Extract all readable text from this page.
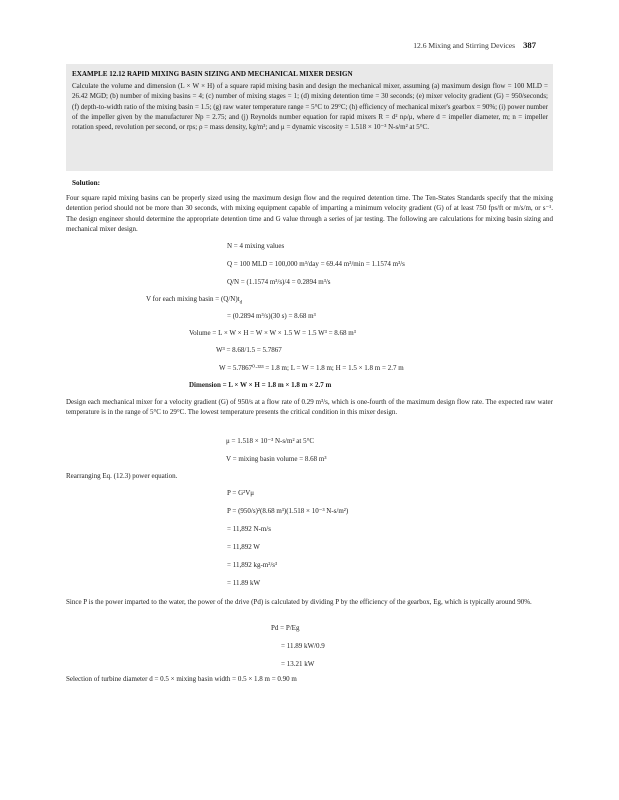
12.6 Mixing and Stirring Devices 387
EXAMPLE 12.12 RAPID MIXING BASIN SIZING AND MECHANICAL MIXER DESIGN
Calculate the volume and dimension (L × W × H) of a square rapid mixing basin and design the mechanical mixer, assuming (a) maximum design flow = 100 MLD = 26.42 MGD; (b) number of mixing basins = 4; (c) number of mixing stages = 1; (d) mixing detention time = 30 seconds; (e) mixer velocity gradient (G) = 950/seconds; (f) depth-to-width ratio of the mixing basin = 1.5; (g) raw water temperature range = 5°C to 29°C; (h) efficiency of mechanical mixer's gearbox = 90%; (i) power number of the impeller given by the manufacturer Np = 2.75; and (j) Reynolds number equation for rapid mixers R = d² nρ/μ, where d = impeller diameter, m; n = impeller rotation speed, revolution per second, or rps; ρ = mass density, kg/m³; and μ = dynamic viscosity = 1.518 × 10⁻³ N-s/m² at 5°C.
Solution:
Four square rapid mixing basins can be properly sized using the maximum design flow and the required detention time. The Ten-States Standards specify that the mixing detention period should not be more than 30 seconds, with mixing equipment capable of imparting a minimum velocity gradient (G) of at least 750 fps/ft or m/s/m, or s⁻¹. The design engineer should determine the appropriate detention time and G value through a series of jar testing. The following are calculations for mixing basin sizing and mechanical mixer design.
N = 4 mixing values
Q = 100 MLD = 100,000 m³/day = 69.44 m³/min = 1.1574 m³/s
Q/N = (1.1574 m³/s)/4 = 0.2894 m³/s
V for each mixing $basin = (Q/N)t_d$
= (0.2894 m³/s)(30 s) = 8.68 m³
Volume = L × W × H = W × W × 1.5 W = 1.5 W³ = 8.68 m³
W³ = 8.68/1.5 = 5.7867
W = 5.7867⁰·³³³ = 1.8 m; L = W = 1.8 m; H = 1.5 × 1.8 m = 2.7 m
Dimension = L × W × H = 1.8 m × 1.8 m × 2.7 m
Design each mechanical mixer for a velocity gradient (G) of 950/s at a flow rate of 0.29 m³/s, which is one-fourth of the maximum design flow rate. The expected raw water temperature is in the range of 5°C to 29°C. The lowest temperature presents the critical condition in this mixer design.
μ = 1.518 × 10⁻³ N-s/m² at 5°C
V = mixing basin volume = 8.68 m³
Rearranging Eq. (12.3) power equation.
P = G²Vμ
P = (950/s)²(8.68 m³)(1.518 × 10⁻³ N-s/m²)
= 11,892 N-m/s
= 11,892 W
= 11,892 kg-m²/s³
= 11.89 kW
Since P is the power imparted to the water, the power of the drive (Pd) is calculated by dividing P by the efficiency of the gearbox, Eg, which is typically around 90%.
Pd = P/Eg
= 11.89 kW/0.9
= 13.21 kW
Selection of turbine diameter d = 0.5 × mixing basin width = 0.5 × 1.8 m = 0.90 m
